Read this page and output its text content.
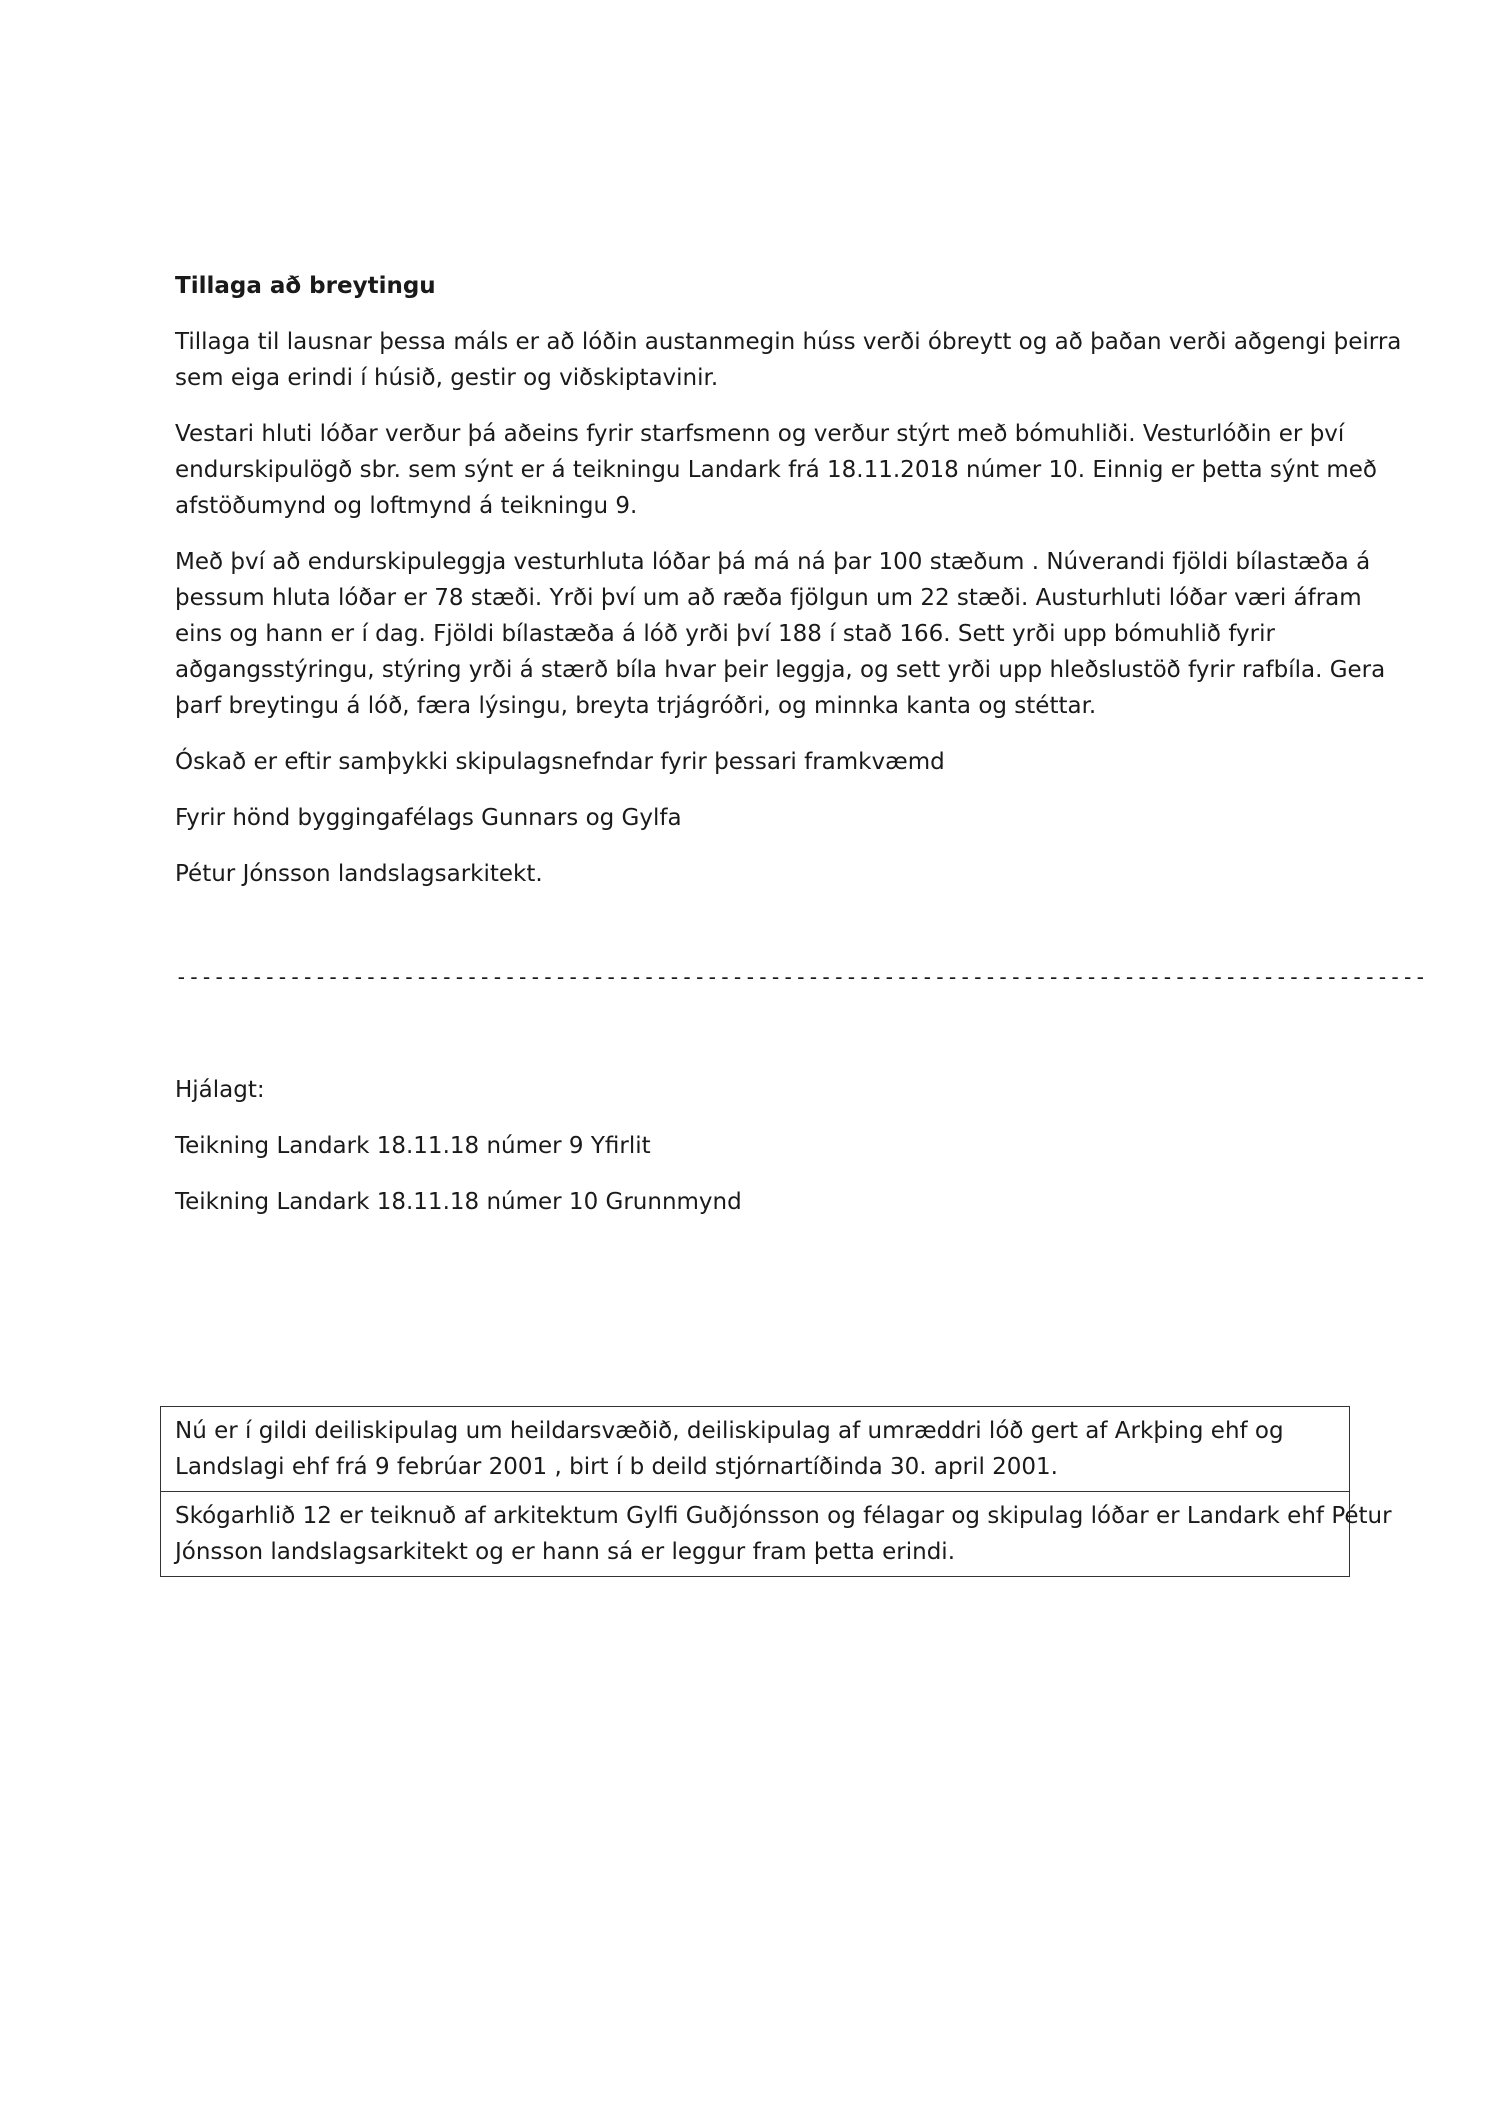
Tillaga að breytingu
Tillaga til lausnar þessa máls er að lóðin austanmegin húss verði óbreytt og að þaðan verði aðgengi þeirra
sem eiga erindi í húsið, gestir og viðskiptavinir.
Vestari hluti lóðar verður þá aðeins fyrir starfsmenn og verður stýrt með bómuhliði. Vesturlóðin er því
endurskipulögð sbr. sem sýnt er á teikningu Landark frá 18.11.2018 númer 10. Einnig er þetta sýnt með
afstöðumynd og loftmynd á teikningu 9.
Með því að endurskipuleggja vesturhluta lóðar þá má ná þar 100 stæðum . Núverandi fjöldi bílastæða á
þessum hluta lóðar er 78 stæði. Yrði því um að ræða fjölgun um 22 stæði. Austurhluti lóðar væri áfram
eins og hann er í dag. Fjöldi bílastæða á lóð yrði því 188 í stað 166. Sett yrði upp bómuhlið fyrir
aðgangsstýringu, stýring yrði á stærð bíla hvar þeir leggja, og sett yrði upp hleðslustöð fyrir rafbíla. Gera
þarf breytingu á lóð, færa lýsingu, breyta trjágróðri, og minnka kanta og stéttar.
Óskað er eftir samþykki skipulagsnefndar fyrir þessari framkvæmd
Fyrir hönd byggingafélags Gunnars og Gylfa
Pétur Jónsson landslagsarkitekt.
---------------------------------------------------------------------------------------------------
Hjálagt:
Teikning Landark 18.11.18 númer 9 Yfirlit
Teikning Landark 18.11.18 númer 10 Grunnmynd
Nú er í gildi deiliskipulag um heildarsvæðið, deiliskipulag af umræddri lóð gert af Arkþing ehf og
Landslagi ehf frá 9 febrúar 2001 , birt í b deild stjórnartíðinda 30. april 2001.
Skógarhlið 12 er teiknuð af arkitektum Gylfi Guðjónsson og félagar og skipulag lóðar er Landark ehf Pétur
Jónsson landslagsarkitekt og er hann sá er leggur fram þetta erindi.
